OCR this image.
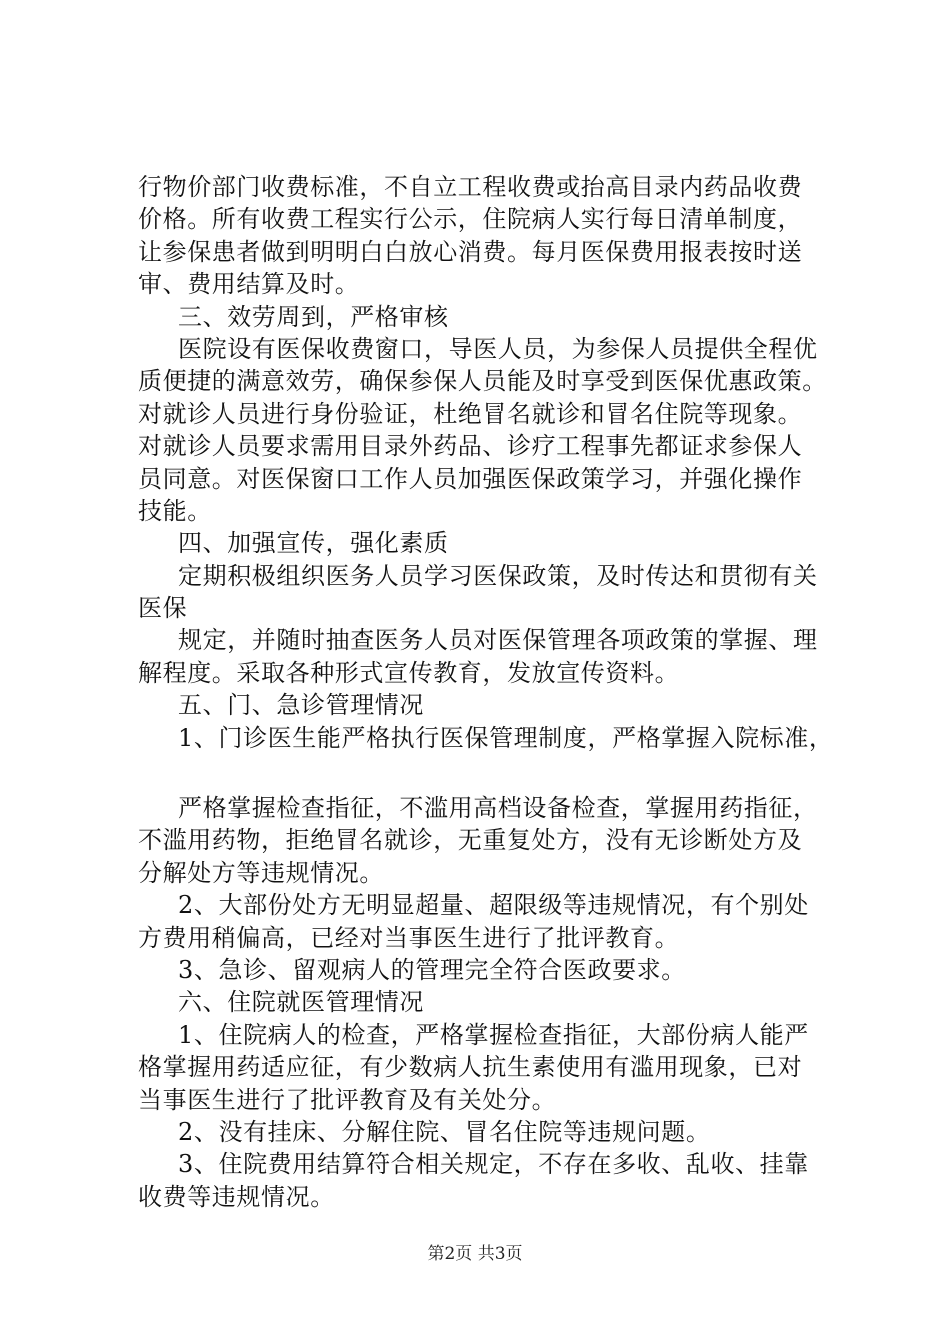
行物价部门收费标准，不自立工程收费或抬高目录内药品收费
价格。所有收费工程实行公示，住院病人实行每日清单制度，
让参保患者做到明明白白放心消费。每月医保费用报表按时送
审、费用结算及时。
三、效劳周到，严格审核
医院设有医保收费窗口，导医人员，为参保人员提供全程优
质便捷的满意效劳，确保参保人员能及时享受到医保优惠政策。
对就诊人员进行身份验证，杜绝冒名就诊和冒名住院等现象。
对就诊人员要求需用目录外药品、诊疗工程事先都证求参保人
员同意。对医保窗口工作人员加强医保政策学习，并强化操作
技能。
四、加强宣传，强化素质
定期积极组织医务人员学习医保政策，及时传达和贯彻有关
医保
规定，并随时抽查医务人员对医保管理各项政策的掌握、理
解程度。采取各种形式宣传教育，发放宣传资料。
五、门、急诊管理情况
1、门诊医生能严格执行医保管理制度，严格掌握入院标准，
严格掌握检查指征，不滥用高档设备检查，掌握用药指征，
不滥用药物，拒绝冒名就诊，无重复处方，没有无诊断处方及
分解处方等违规情况。
2、大部份处方无明显超量、超限级等违规情况，有个别处
方费用稍偏高，已经对当事医生进行了批评教育。
3、急诊、留观病人的管理完全符合医政要求。
六、住院就医管理情况
1、住院病人的检查，严格掌握检查指征，大部份病人能严
格掌握用药适应征，有少数病人抗生素使用有滥用现象，已对
当事医生进行了批评教育及有关处分。
2、没有挂床、分解住院、冒名住院等违规问题。
3、住院费用结算符合相关规定，不存在多收、乱收、挂靠
收费等违规情况。
第2页 共3页
